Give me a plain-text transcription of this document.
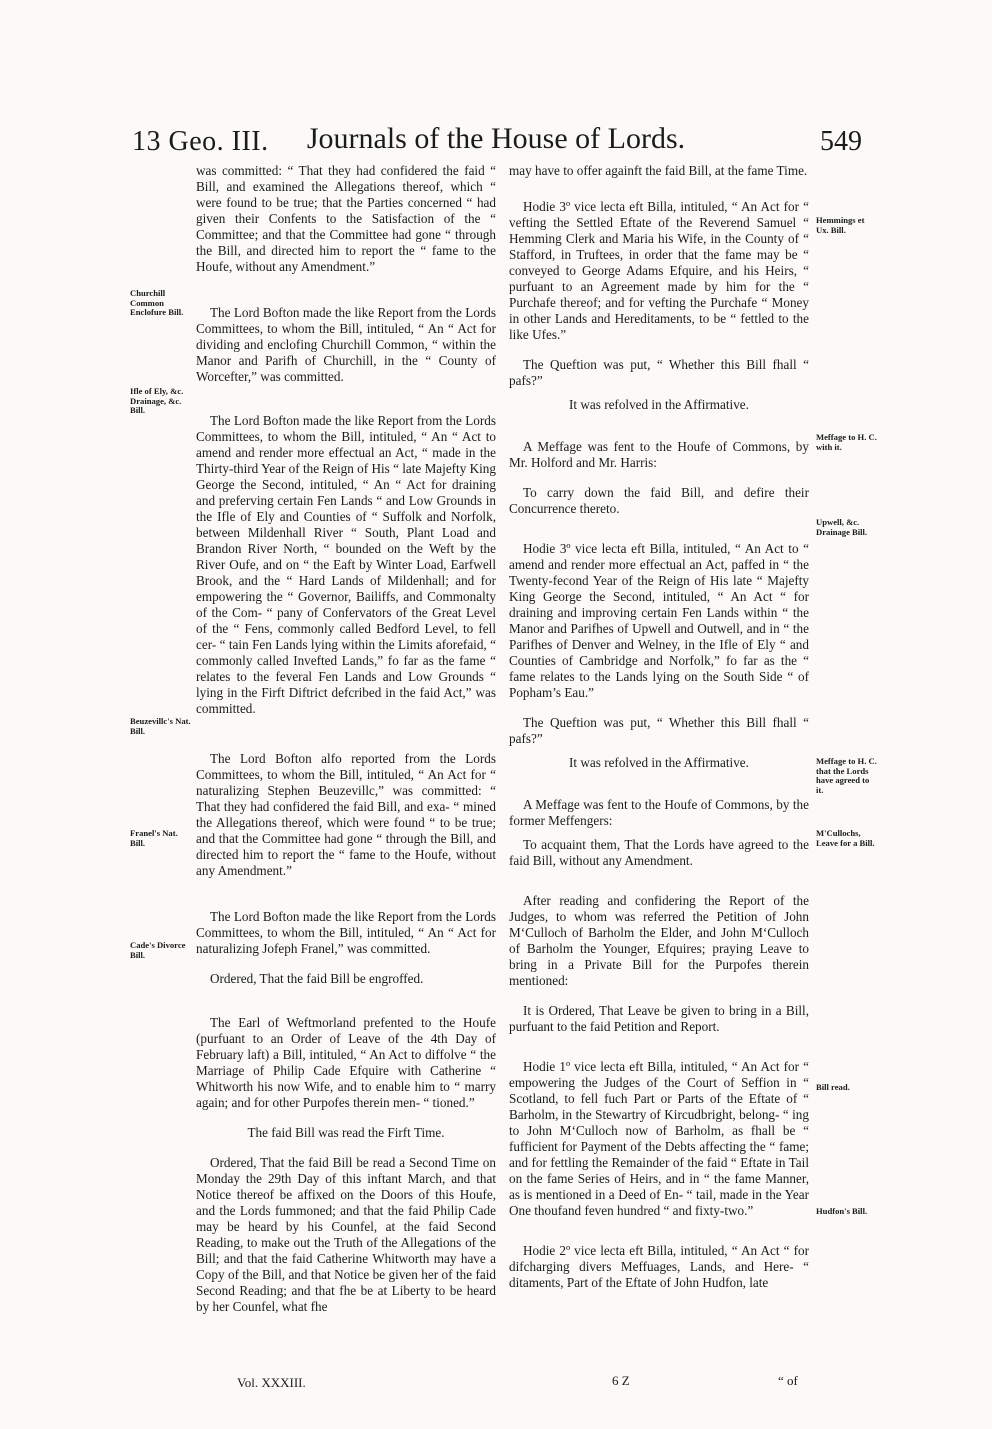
13 Geo. III.	Journals of the House of Lords.	549
Churchill Common Enclofure Bill.
Ifle of Ely, &c. Drainage, &c. Bill.
Beuzevillc's Nat. Bill.
Franel's Nat. Bill.
Cade's Divorce Bill.
Hemmings et Ux. Bill.
Meffage to H. C. with it.
Upwell, &c. Drainage Bill.
Meffage to H. C. that the Lords have agreed to it.
M'Cullochs, Leave for a Bill.
Bill read.
Hudfon's Bill.

was committed: “ That they had confidered the faid “ Bill, and examined the Allegations thereof, which “ were found to be true; that the Parties concerned “ had given their Confents to the Satisfaction of the “ Committee; and that the Committee had gone “ through the Bill, and directed him to report the “ fame to the Houfe, without any Amendment.”

The Lord Bofton made the like Report from the Lords Committees, to whom the Bill, intituled, “ An “ Act for dividing and enclofing Churchill Common, “ within the Manor and Parifh of Churchill, in the “ County of Worcefter,” was committed.

The Lord Bofton made the like Report from the Lords Committees, to whom the Bill, intituled, “ An “ Act to amend and render more effectual an Act, “ made in the Thirty-third Year of the Reign of His “ late Majefty King George the Second, intituled, “ An “ Act for draining and preferving certain Fen Lands “ and Low Grounds in the Ifle of Ely and Counties of “ Suffolk and Norfolk, between Mildenhall River “ South, Plant Load and Brandon River North, “ bounded on the Weft by the River Oufe, and on “ the Eaft by Winter Load, Earfwell Brook, and the “ Hard Lands of Mildenhall; and for empowering the “ Governor, Bailiffs, and Commonalty of the Com- “ pany of Confervators of the Great Level of the “ Fens, commonly called Bedford Level, to fell cer- “ tain Fen Lands lying within the Limits aforefaid, “ commonly called Invefted Lands,” fo far as the fame “ relates to the feveral Fen Lands and Low Grounds “ lying in the Firft Diftrict defcribed in the faid Act,” was committed.

The Lord Bofton alfo reported from the Lords Committees, to whom the Bill, intituled, “ An Act for “ naturalizing Stephen Beuzevillc,” was committed: “ That they had confidered the faid Bill, and exa- “ mined the Allegations thereof, which were found “ to be true; and that the Committee had gone “ through the Bill, and directed him to report the “ fame to the Houfe, without any Amendment.”

The Lord Bofton made the like Report from the Lords Committees, to whom the Bill, intituled, “ An “ Act for naturalizing Jofeph Franel,” was committed.

Ordered, That the faid Bill be engroffed.

The Earl of Weftmorland prefented to the Houfe (purfuant to an Order of Leave of the 4th Day of February laft) a Bill, intituled, “ An Act to diffolve “ the Marriage of Philip Cade Efquire with Catherine “ Whitworth his now Wife, and to enable him to “ marry again; and for other Purpofes therein men- “ tioned.”

The faid Bill was read the Firft Time.

Ordered, That the faid Bill be read a Second Time on Monday the 29th Day of this inftant March, and that Notice thereof be affixed on the Doors of this Houfe, and the Lords fummoned; and that the faid Philip Cade may be heard by his Counfel, at the faid Second Reading, to make out the Truth of the Allegations of the Bill; and that the faid Catherine Whitworth may have a Copy of the Bill, and that Notice be given her of the faid Second Reading; and that fhe be at Liberty to be heard by her Counfel, what fhe

may have to offer againft the faid Bill, at the fame Time.

Hodie 3º vice lecta eft Billa, intituled, “ An Act for “ vefting the Settled Eftate of the Reverend Samuel “ Hemming Clerk and Maria his Wife, in the County of “ Stafford, in Truftees, in order that the fame may be “ conveyed to George Adams Efquire, and his Heirs, “ purfuant to an Agreement made by him for the “ Purchafe thereof; and for vefting the Purchafe “ Money in other Lands and Hereditaments, to be “ fettled to the like Ufes.”

The Queftion was put, “ Whether this Bill fhall “ pafs?”

It was refolved in the Affirmative.

A Meffage was fent to the Houfe of Commons, by Mr. Holford and Mr. Harris:

To carry down the faid Bill, and defire their Concurrence thereto.

Hodie 3º vice lecta eft Billa, intituled, “ An Act to “ amend and render more effectual an Act, paffed in “ the Twenty-fecond Year of the Reign of His late “ Majefty King George the Second, intituled, “ An Act “ for draining and improving certain Fen Lands within “ the Manor and Parifhes of Upwell and Outwell, and in “ the Parifhes of Denver and Welney, in the Ifle of Ely “ and Counties of Cambridge and Norfolk,” fo far as the “ fame relates to the Lands lying on the South Side “ of Popham’s Eau.”

The Queftion was put, “ Whether this Bill fhall “ pafs?”

It was refolved in the Affirmative.

A Meffage was fent to the Houfe of Commons, by the former Meffengers:

To acquaint them, That the Lords have agreed to the faid Bill, without any Amendment.

After reading and confidering the Report of the Judges, to whom was referred the Petition of John M‘Culloch of Barholm the Elder, and John M‘Culloch of Barholm the Younger, Efquires; praying Leave to bring in a Private Bill for the Purpofes therein mentioned:

It is Ordered, That Leave be given to bring in a Bill, purfuant to the faid Petition and Report.

Hodie 1º vice lecta eft Billa, intituled, “ An Act for “ empowering the Judges of the Court of Seffion in “ Scotland, to fell fuch Part or Parts of the Eftate of “ Barholm, in the Stewartry of Kircudbright, belong- “ ing to John M‘Culloch now of Barholm, as fhall be “ fufficient for Payment of the Debts affecting the “ fame; and for fettling the Remainder of the faid “ Eftate in Tail on the fame Series of Heirs, and in “ the fame Manner, as is mentioned in a Deed of En- “ tail, made in the Year One thoufand feven hundred “ and fixty-two.”

Hodie 2º vice lecta eft Billa, intituled, “ An Act “ for difcharging divers Meffuages, Lands, and Here- “ ditaments, Part of the Eftate of John Hudfon, late

Vol. XXXIII.	6 Z	“ of
